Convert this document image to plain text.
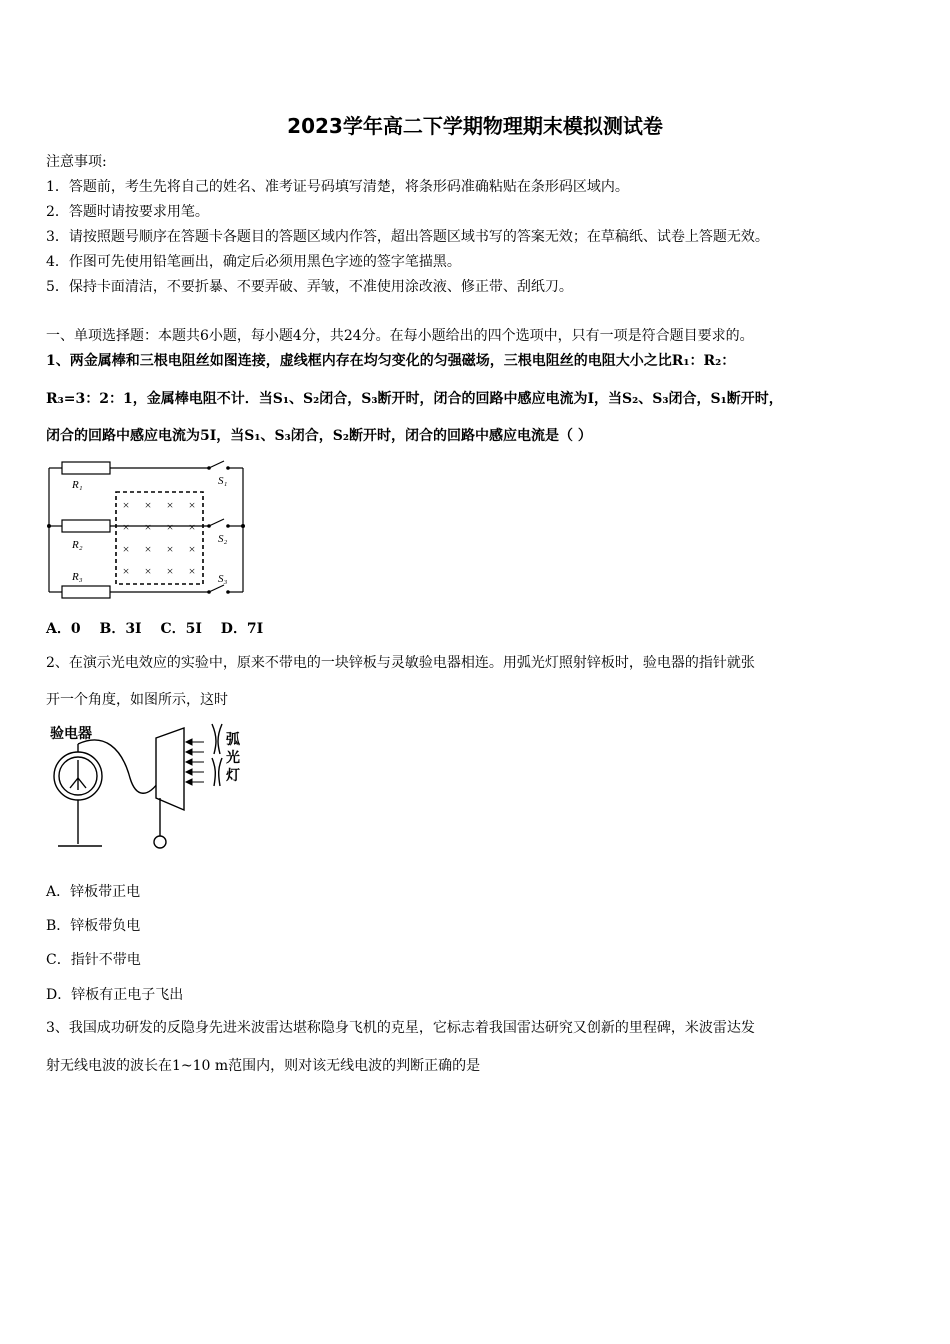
2023学年高二下学期物理期末模拟测试卷
注意事项:
1．答题前，考生先将自己的姓名、准考证号码填写清楚，将条形码准确粘贴在条形码区域内。
2．答题时请按要求用笔。
3．请按照题号顺序在答题卡各题目的答题区域内作答，超出答题区域书写的答案无效；在草稿纸、试卷上答题无效。
4．作图可先使用铅笔画出，确定后必须用黑色字迹的签字笔描黑。
5．保持卡面清洁，不要折暴、不要弄破、弄皱，不准使用涂改液、修正带、刮纸刀。
一、单项选择题：本题共6小题，每小题4分，共24分。在每小题给出的四个选项中，只有一项是符合题目要求的。
1、两金属棒和三根电阻丝如图连接，虚线框内存在均匀变化的匀强磁场，三根电阻丝的电阻大小之比R₁：R₂：
R₃=3：2：1，金属棒电阻不计．当S₁、S₂闭合，S₃断开时，闭合的回路中感应电流为I，当S₂、S₃闭合，S₁断开时，
闭合的回路中感应电流为5I，当S₁、S₃闭合，S₂断开时，闭合的回路中感应电流是（ ）
R₁
R₂
R₃
S₁
S₂
S₃
× × × ×
× × × ×
× × × ×
× × × ×
A．0 B．3I C．5I D．7I
2、在演示光电效应的实验中，原来不带电的一块锌板与灵敏验电器相连。用弧光灯照射锌板时，验电器的指针就张
开一个角度，如图所示，这时
验电器	弧
光
灯
A．锌板带正电
B．锌板带负电
C．指针不带电
D．锌板有正电子飞出
3、我国成功研发的反隐身先进米波雷达堪称隐身飞机的克星，它标志着我国雷达研究又创新的里程碑，米波雷达发
射无线电波的波长在1~10 m范围内，则对该无线电波的判断正确的是
